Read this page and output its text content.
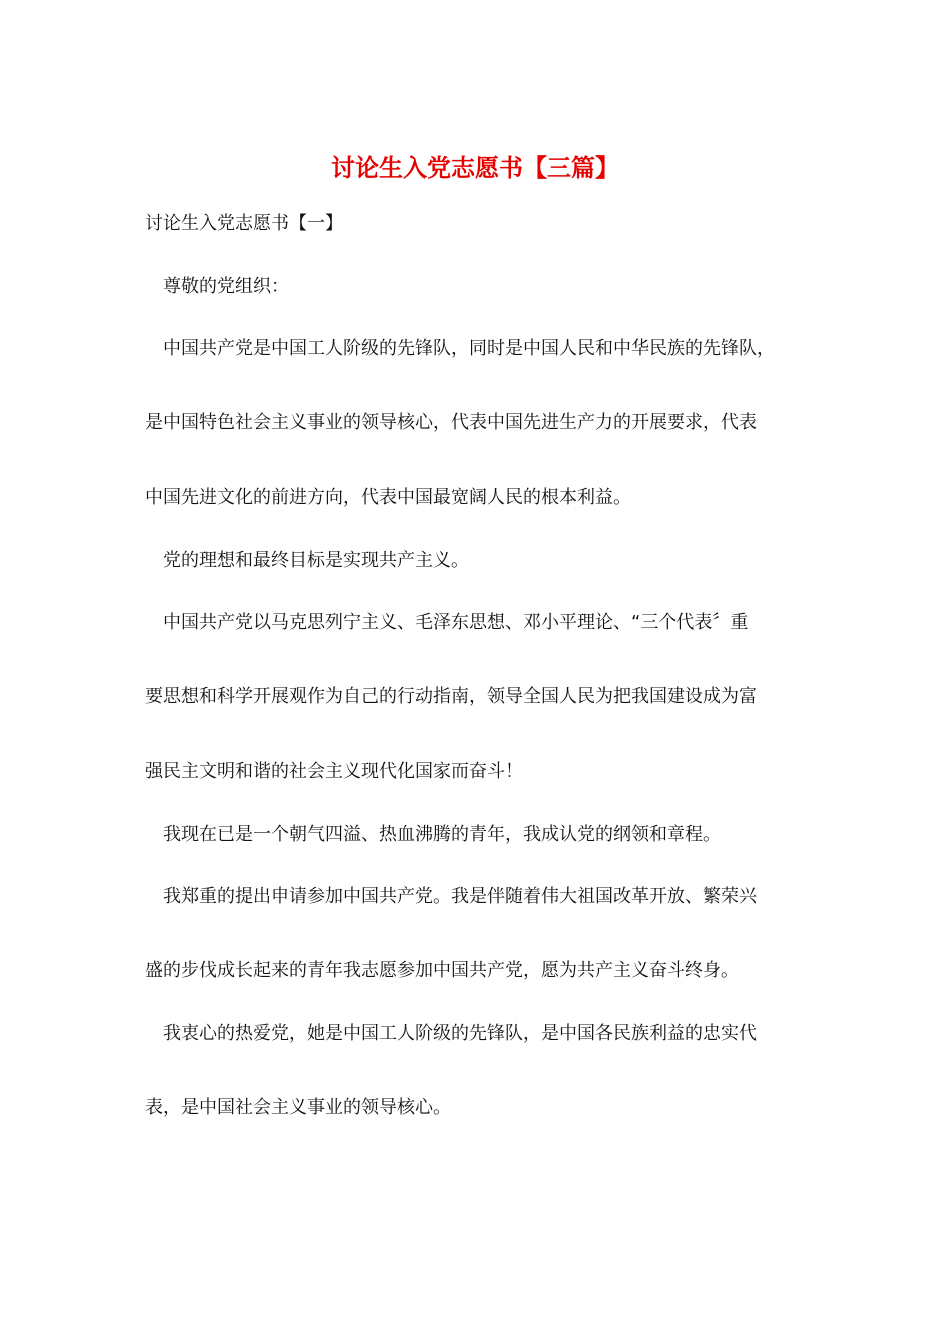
讨论生入党志愿书【三篇】
讨论生入党志愿书【一】
尊敬的党组织：
中国共产党是中国工人阶级的先锋队，同时是中国人民和中华民族的先锋队，
是中国特色社会主义事业的领导核心，代表中国先进生产力的开展要求，代表
中国先进文化的前进方向，代表中国最宽阔人民的根本利益。
党的理想和最终目标是实现共产主义。
中国共产党以马克思列宁主义、毛泽东思想、邓小平理论、“三个代表〞重
要思想和科学开展观作为自己的行动指南，领导全国人民为把我国建设成为富
强民主文明和谐的社会主义现代化国家而奋斗！
我现在已是一个朝气四溢、热血沸腾的青年，我成认党的纲领和章程。
我郑重的提出申请参加中国共产党。我是伴随着伟大祖国改革开放、繁荣兴
盛的步伐成长起来的青年我志愿参加中国共产党，愿为共产主义奋斗终身。
我衷心的热爱党，她是中国工人阶级的先锋队，是中国各民族利益的忠实代
表，是中国社会主义事业的领导核心。
